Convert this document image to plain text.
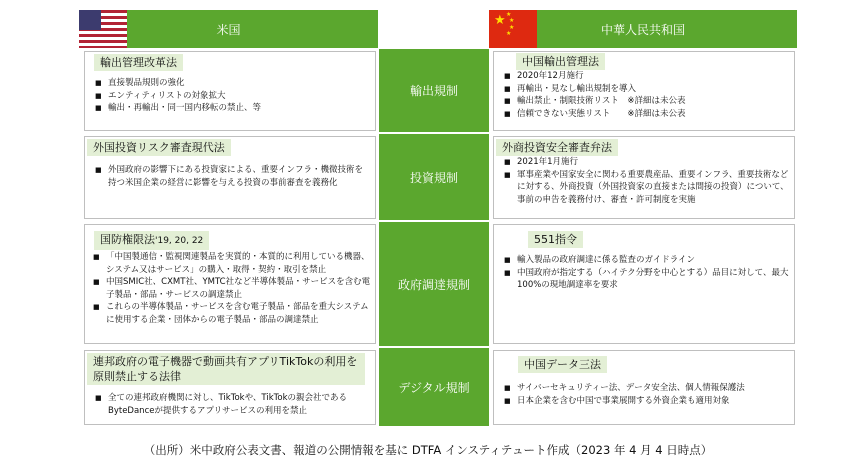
米国
★ ★
★
★
★	中華人民共和国
輸出規制
輸出管理改革法
■ 直接製品規則の強化
■ エンティティリストの対象拡大
■ 輸出・再輸出・同一国内移転の禁止、等
中国輸出管理法
■ 2020年12月施行
■ 再輸出・見なし輸出規制を導入
■ 輸出禁止・制限技術リスト　※詳細は未公表
■ 信頼できない実態リスト　　※詳細は未公表
投資規制
外国投資リスク審査現代法
■ 外国政府の影響下にある投資家による、重要インフラ・機微技術を持つ米国企業の経営に影響を与える投資の事前審査を義務化
外商投資安全審査弁法
■ 2021年1月施行
■ 軍事産業や国家安全に関わる重要農産品、重要インフラ、重要技術などに対する、外商投資（外国投資家の直接または間接の投資）について、事前の申告を義務付け、審査・許可制度を実施
政府調達規制
国防権限法'19, 20, 22
■ 「中国製通信・監視関連製品を実質的・本質的に利用している機器、システム又はサービス」の購入・取得・契約・取引を禁止
■ 中国SMIC社、CXMT社、YMTC社など半導体製品・サービスを含む電子製品・部品・サービスの調達禁止
■ これらの半導体製品・サービスを含む電子製品・部品を重大システムに使用する企業・団体からの電子製品・部品の調達禁止
551指令
■ 輸入製品の政府調達に係る監査のガイドライン
■ 中国政府が指定する（ハイテク分野を中心とする）品目に対して、最大100%の現地調達率を要求
デジタル規制
連邦政府の電子機器で動画共有アプリTikTokの利用を原則禁止する法律
■ 全ての連邦政府機関に対し、TikTokや、TikTokの親会社であるByteDanceが提供するアプリサービスの利用を禁止
中国データ三法
■ サイバーセキュリティー法、データ安全法、個人情報保護法
■ 日本企業を含む中国で事業展開する外資企業も適用対象
（出所）米中政府公表文書、報道の公開情報を基に DTFA インスティテュート作成（2023 年 4 月 4 日時点）
